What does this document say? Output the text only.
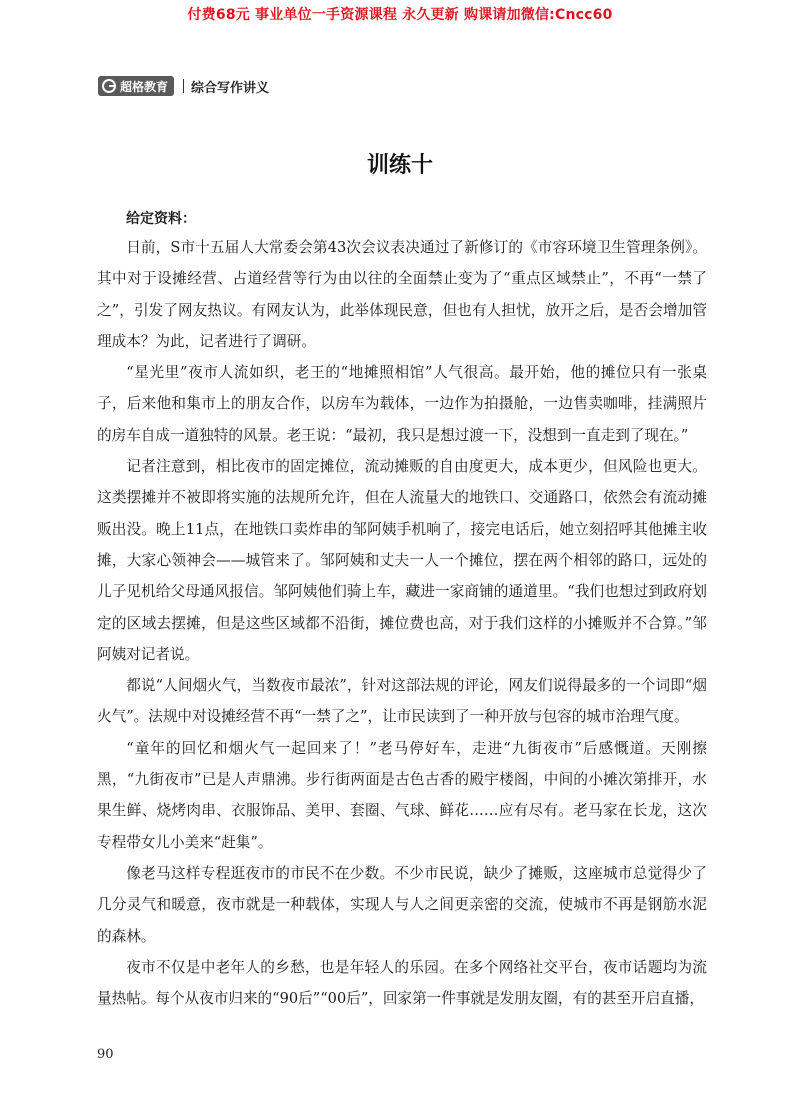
付费68元 事业单位一手资源课程 永久更新 购课请加微信:Cncc60
超格教育 综合写作讲义
训练十
给定资料：

日前，S市十五届人大常委会第43次会议表决通过了新修订的《市容环境卫生管理条例》。其中对于设摊经营、占道经营等行为由以往的全面禁止变为了“重点区域禁止”，不再“一禁了之”，引发了网友热议。有网友认为，此举体现民意，但也有人担忧，放开之后，是否会增加管理成本？为此，记者进行了调研。

“星光里”夜市人流如织，老王的“地摊照相馆”人气很高。最开始，他的摊位只有一张桌子，后来他和集市上的朋友合作，以房车为载体，一边作为拍摄舱，一边售卖咖啡，挂满照片的房车自成一道独特的风景。老王说：“最初，我只是想过渡一下，没想到一直走到了现在。”

记者注意到，相比夜市的固定摊位，流动摊贩的自由度更大，成本更少，但风险也更大。这类摆摊并不被即将实施的法规所允许，但在人流量大的地铁口、交通路口，依然会有流动摊贩出没。晚上11点，在地铁口卖炸串的邹阿姨手机响了，接完电话后，她立刻招呼其他摊主收摊，大家心领神会——城管来了。邹阿姨和丈夫一人一个摊位，摆在两个相邻的路口，远处的儿子见机给父母通风报信。邹阿姨他们骑上车，藏进一家商铺的通道里。“我们也想过到政府划定的区域去摆摊，但是这些区域都不沿街，摊位费也高，对于我们这样的小摊贩并不合算。”邹阿姨对记者说。

都说“人间烟火气，当数夜市最浓”，针对这部法规的评论，网友们说得最多的一个词即“烟火气”。法规中对设摊经营不再“一禁了之”，让市民读到了一种开放与包容的城市治理气度。

“童年的回忆和烟火气一起回来了！”老马停好车，走进“九街夜市”后感慨道。天刚擦黑，“九街夜市”已是人声鼎沸。步行街两面是古色古香的殿宇楼阁，中间的小摊次第排开，水果生鲜、烧烤肉串、衣服饰品、美甲、套圈、气球、鲜花……应有尽有。老马家在长龙，这次专程带女儿小美来“赶集”。

像老马这样专程逛夜市的市民不在少数。不少市民说，缺少了摊贩，这座城市总觉得少了几分灵气和暖意，夜市就是一种载体，实现人与人之间更亲密的交流，使城市不再是钢筋水泥的森林。

夜市不仅是中老年人的乡愁，也是年轻人的乐园。在多个网络社交平台，夜市话题均为流量热帖。每个从夜市归来的“90后”“00后”，回家第一件事就是发朋友圈，有的甚至开启直播，

90
